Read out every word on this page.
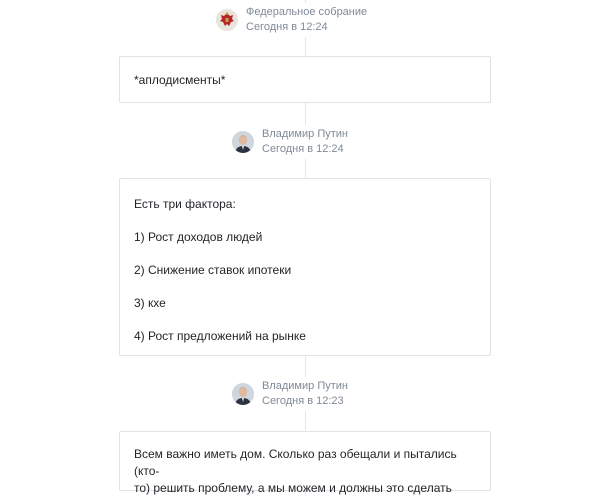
Федеральное собрание
Сегодня в 12:24

*аплодисменты*

Владимир Путин
Сегодня в 12:24

Есть три фактора:

1) Рост доходов людей

2) Снижение ставок ипотеки

3) кхе

4) Рост предложений на рынке

Владимир Путин
Сегодня в 12:23

Всем важно иметь дом. Сколько раз обещали и пытались (кто-

то) решить проблему, а мы можем и должны это сделать
